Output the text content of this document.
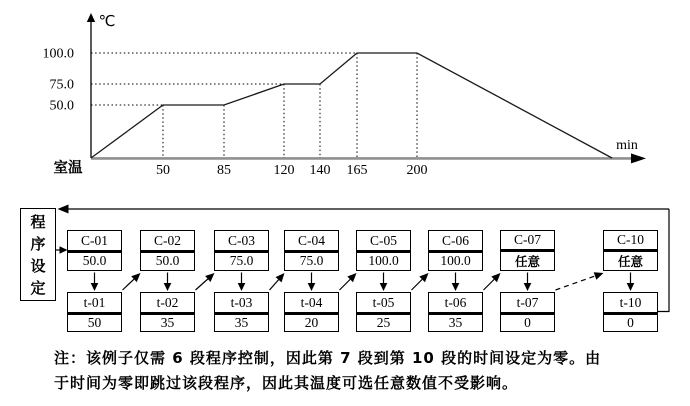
℃
min
100.0
75.0
50.0
50	85	120 140 165	200
室温
程序设定
C-01
50.0
t-01
50
C-02
50.0
t-02
35
C-03
75.0
t-03
35
C-04
75.0
t-04
20
C-05
100.0
t-05
25
C-06
100.0
t-06
35
C-07
任意
t-07
0
C-10
任意
t-10
0
注：该例子仅需 6 段程序控制，因此第 7 段到第 10 段的时间设定为零。由
于时间为零即跳过该段程序，因此其温度可选任意数值不受影响。
